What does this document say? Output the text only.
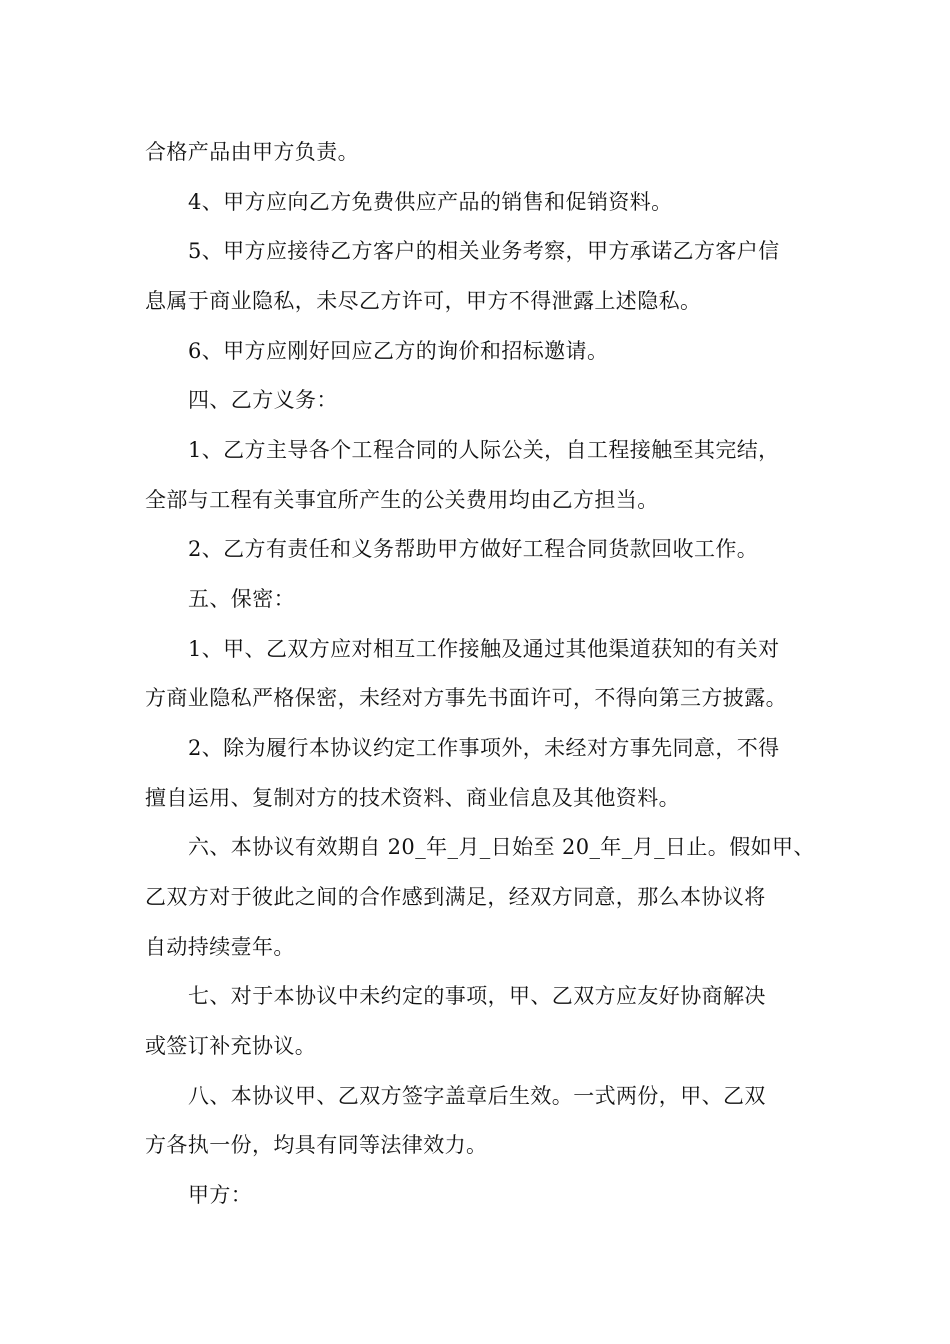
合格产品由甲方负责。
4、甲方应向乙方免费供应产品的销售和促销资料。
5、甲方应接待乙方客户的相关业务考察，甲方承诺乙方客户信
息属于商业隐私，未尽乙方许可，甲方不得泄露上述隐私。
6、甲方应刚好回应乙方的询价和招标邀请。
四、乙方义务：
1、乙方主导各个工程合同的人际公关，自工程接触至其完结，
全部与工程有关事宜所产生的公关费用均由乙方担当。
2、乙方有责任和义务帮助甲方做好工程合同货款回收工作。
五、保密：
1、甲、乙双方应对相互工作接触及通过其他渠道获知的有关对
方商业隐私严格保密，未经对方事先书面许可，不得向第三方披露。
2、除为履行本协议约定工作事项外，未经对方事先同意，不得
擅自运用、复制对方的技术资料、商业信息及其他资料。
六、本协议有效期自 20_年_月_日始至 20_年_月_日止。假如甲、
乙双方对于彼此之间的合作感到满足，经双方同意，那么本协议将
自动持续壹年。
七、对于本协议中未约定的事项，甲、乙双方应友好协商解决
或签订补充协议。
八、本协议甲、乙双方签字盖章后生效。一式两份，甲、乙双
方各执一份，均具有同等法律效力。
甲方：
